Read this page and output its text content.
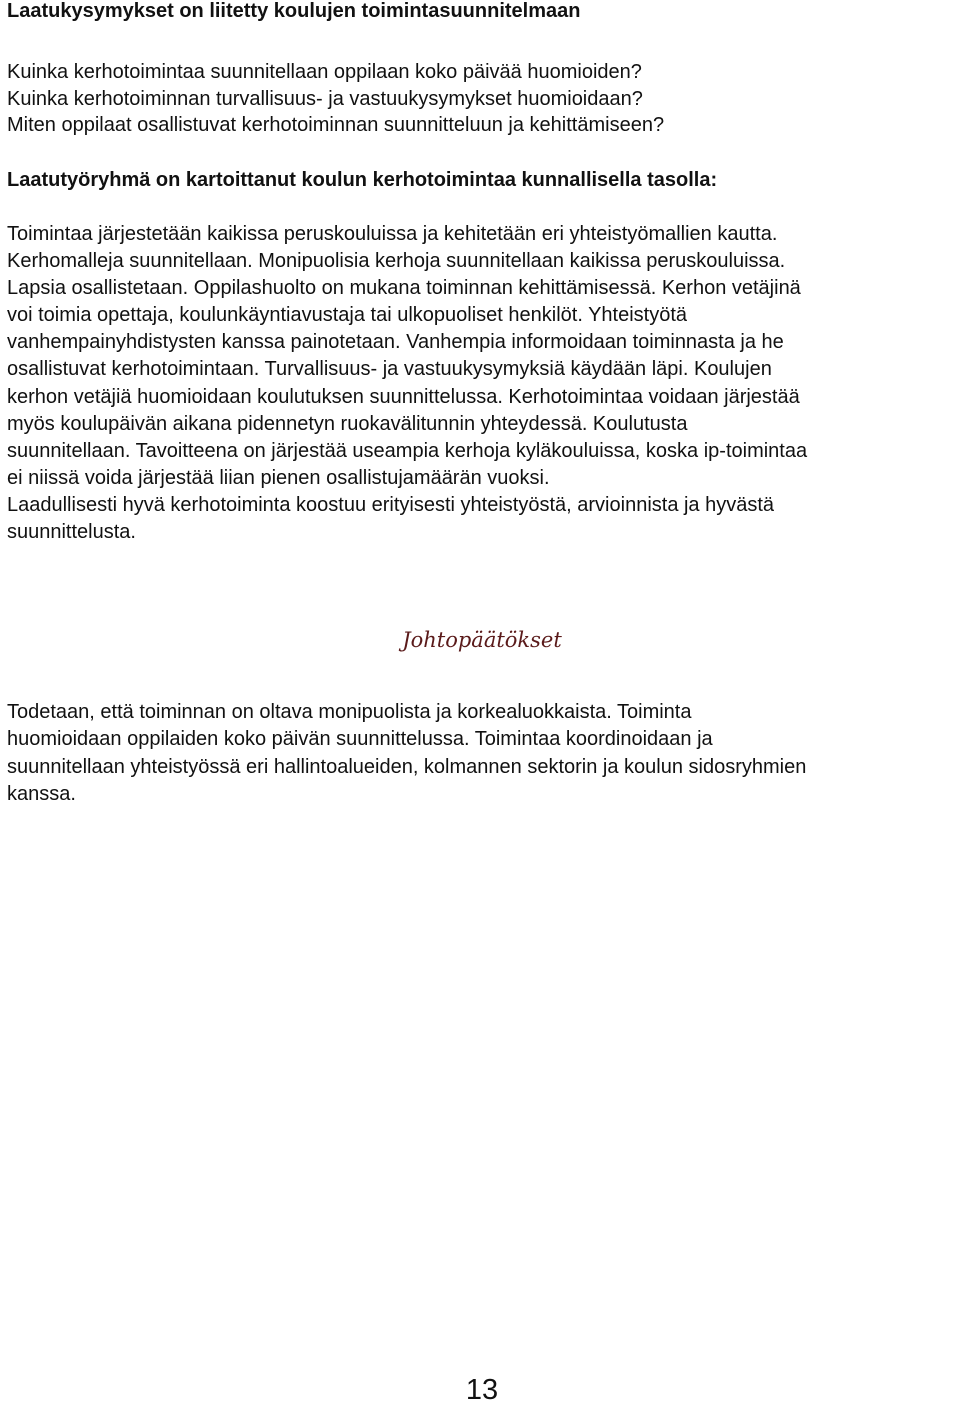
Laatukysymykset on liitetty koulujen toimintasuunnitelmaan
Kuinka kerhotoimintaa suunnitellaan oppilaan koko päivää huomioiden?
Kuinka kerhotoiminnan turvallisuus- ja vastuukysymykset huomioidaan?
Miten oppilaat osallistuvat kerhotoiminnan suunnitteluun ja kehittämiseen?
Laatutyöryhmä on kartoittanut koulun kerhotoimintaa kunnallisella tasolla:

Toimintaa järjestetään kaikissa peruskouluissa ja kehitetään eri yhteistyömallien kautta.
Kerhomalleja suunnitellaan. Monipuolisia kerhoja suunnitellaan kaikissa peruskouluissa.
Lapsia osallistetaan. Oppilashuolto on mukana toiminnan kehittämisessä. Kerhon vetäjinä
voi toimia opettaja, koulunkäyntiavustaja tai ulkopuoliset henkilöt. Yhteistyötä
vanhempainyhdistysten kanssa painotetaan. Vanhempia informoidaan toiminnasta ja he
osallistuvat kerhotoimintaan. Turvallisuus- ja vastuukysymyksiä käydään läpi. Koulujen
kerhon vetäjiä huomioidaan koulutuksen suunnittelussa. Kerhotoimintaa voidaan järjestää
myös koulupäivän aikana pidennetyn ruokavälitunnin yhteydessä. Koulutusta
suunnitellaan. Tavoitteena on järjestää useampia kerhoja kyläkouluissa, koska ip-toimintaa
ei niissä voida järjestää liian pienen osallistujamäärän vuoksi.
Laadullisesti hyvä kerhotoiminta koostuu erityisesti yhteistyöstä, arvioinnista ja hyvästä
suunnittelusta.

Johtopäätökset

Todetaan, että toiminnan on oltava monipuolista ja korkealuokkaista. Toiminta
huomioidaan oppilaiden koko päivän suunnittelussa. Toimintaa koordinoidaan ja
suunnitellaan yhteistyössä eri hallintoalueiden, kolmannen sektorin ja koulun sidosryhmien
kanssa.

13
